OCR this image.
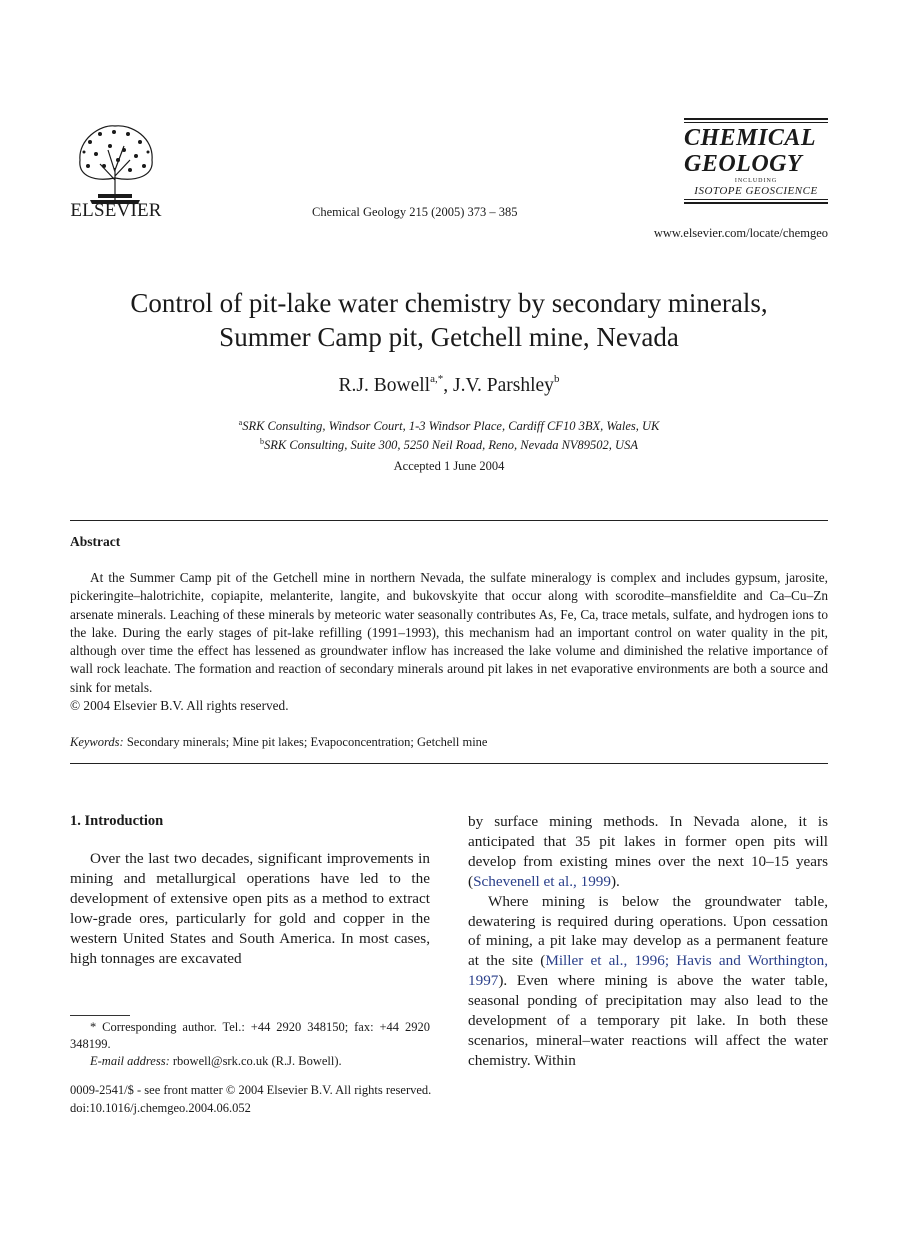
ELSEVIER	Chemical Geology 215 (2005) 373 – 385
CHEMICAL
GEOLOGY
INCLUDING
ISOTOPE GEOSCIENCE
www.elsevier.com/locate/chemgeo
Control of pit-lake water chemistry by secondary minerals,
Summer Camp pit, Getchell mine, Nevada
R.J. Bowell$^{a,*}$, J.V. Parshley$^b$
$^a$SRK Consulting, Windsor Court, 1-3 Windsor Place, Cardiff CF10 3BX, Wales, UK
$^b$SRK Consulting, Suite 300, 5250 Neil Road, Reno, Nevada NV89502, USA
Accepted 1 June 2004
Abstract
At the Summer Camp pit of the Getchell mine in northern Nevada, the sulfate mineralogy is complex and includes gypsum, jarosite, pickeringite–halotrichite, copiapite, melanterite, langite, and bukovskyite that occur along with scorodite–mansfieldite and Ca–Cu–Zn arsenate minerals. Leaching of these minerals by meteoric water seasonally contributes As, Fe, Ca, trace metals, sulfate, and hydrogen ions to the lake. During the early stages of pit-lake refilling (1991–1993), this mechanism had an important control on water quality in the pit, although over time the effect has lessened as groundwater inflow has increased the lake volume and diminished the relative importance of wall rock leachate. The formation and reaction of secondary minerals around pit lakes in net evaporative environments are both a source and sink for metals.
© 2004 Elsevier B.V. All rights reserved.
Keywords: Secondary minerals; Mine pit lakes; Evapoconcentration; Getchell mine
1. Introduction

Over the last two decades, significant improvements in mining and metallurgical operations have led to the development of extensive open pits as a method to extract low-grade ores, particularly for gold and copper in the western United States and South America. In most cases, high tonnages are excavated

by surface mining methods. In Nevada alone, it is anticipated that 35 pit lakes in former open pits will develop from existing mines over the next 10–15 years (Schevenell et al., 1999).

Where mining is below the groundwater table, dewatering is required during operations. Upon cessation of mining, a pit lake may develop as a permanent feature at the site (Miller et al., 1996; Havis and Worthington, 1997). Even where mining is above the water table, seasonal ponding of precipitation may also lead to the development of a temporary pit lake. In both these scenarios, mineral–water reactions will affect the water chemistry. Within

* Corresponding author. Tel.: +44 2920 348150; fax: +44 2920 348199.
E-mail address: rbowell@srk.co.uk (R.J. Bowell).
0009-2541/$ - see front matter © 2004 Elsevier B.V. All rights reserved.
doi:10.1016/j.chemgeo.2004.06.052
